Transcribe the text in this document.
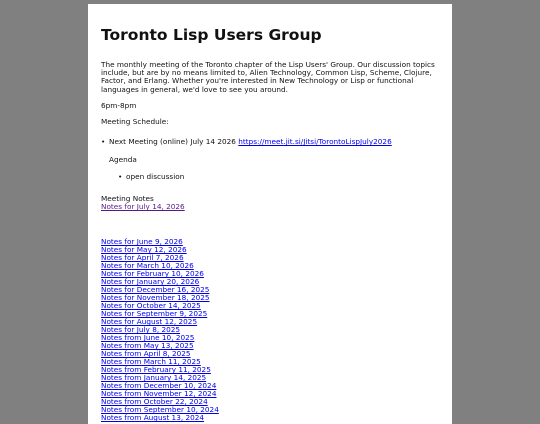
Toronto Lisp Users Group

The monthly meeting of the Toronto chapter of the Lisp Users' Group. Our discussion topics include, but are by no means limited to, Alien Technology, Common Lisp, Scheme, Clojure, Factor, and Erlang. Whether you're interested in New Technology or Lisp or functional languages in general, we'd love to see you around.

6pm-8pm

Meeting Schedule:

• Next Meeting (online) July 14 2026 https://meet.jit.si/Jitsi/TorontoLispJuly2026

Agenda

• open discussion

Meeting Notes

Notes for July 14, 2026

Notes for June 9, 2026
Notes for May 12, 2026
Notes for April 7, 2026
Notes for March 10, 2026
Notes for February 10, 2026
Notes for January 20, 2026
Notes for December 16, 2025
Notes for November 18, 2025
Notes for October 14, 2025
Notes for September 9, 2025
Notes for August 12, 2025
Notes for July 8, 2025
Notes from June 10, 2025
Notes from May 13, 2025
Notes from April 8, 2025
Notes from March 11, 2025
Notes from February 11, 2025
Notes from January 14, 2025
Notes from December 10, 2024
Notes from November 12, 2024
Notes from October 22, 2024
Notes from September 10, 2024
Notes from August 13, 2024
